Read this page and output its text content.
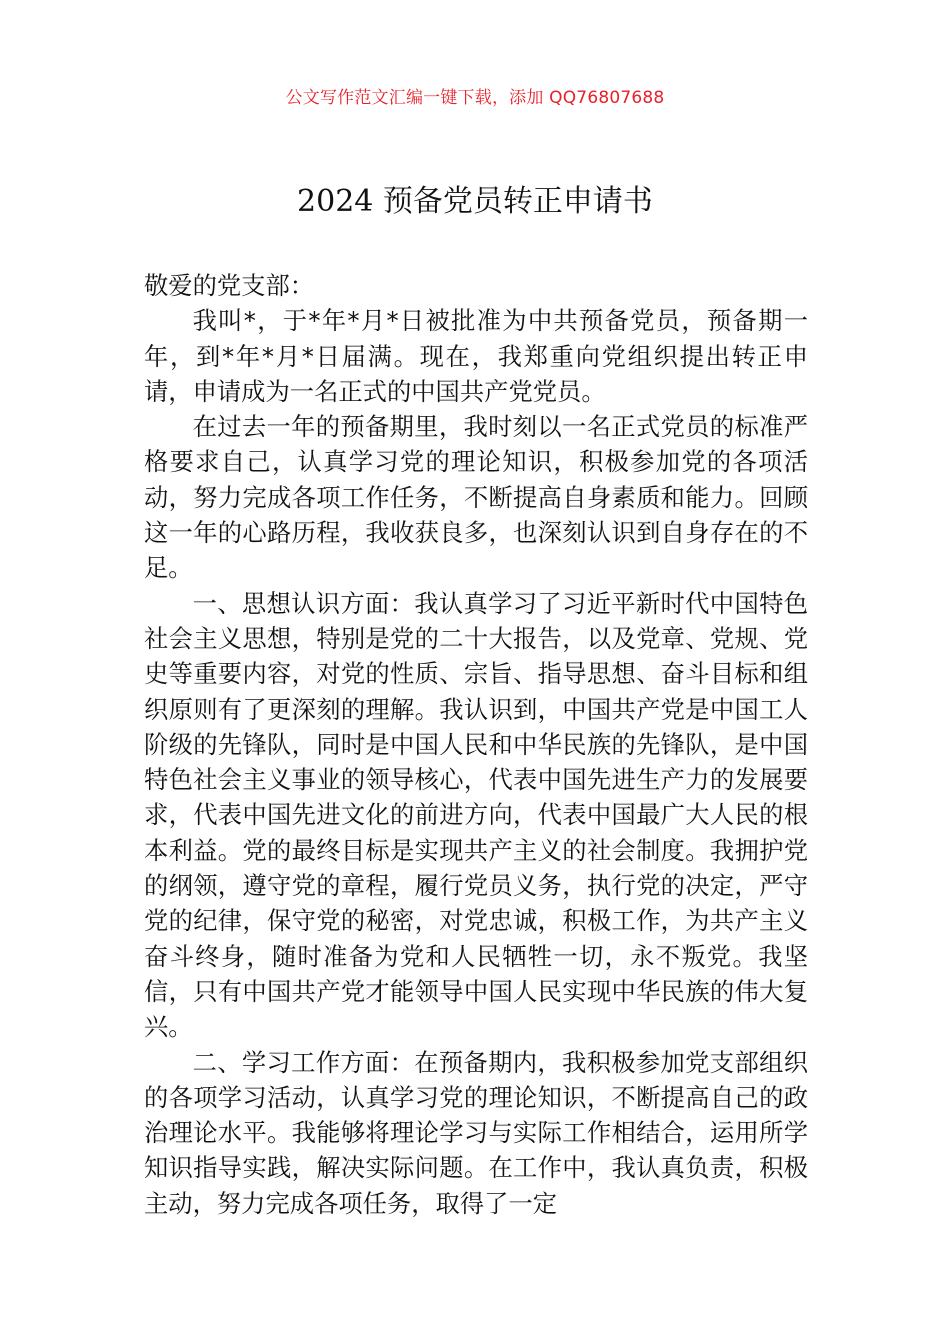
公文写作范文汇编一键下载，添加 QQ76807688
2024 预备党员转正申请书

敬爱的党支部：

我叫*，于*年*月*日被批准为中共预备党员，预备期一年，到*年*月*日届满。现在，我郑重向党组织提出转正申请，申请成为一名正式的中国共产党党员。

在过去一年的预备期里，我时刻以一名正式党员的标准严格要求自己，认真学习党的理论知识，积极参加党的各项活动，努力完成各项工作任务，不断提高自身素质和能力。回顾这一年的心路历程，我收获良多，也深刻认识到自身存在的不足。

一、思想认识方面：我认真学习了习近平新时代中国特色社会主义思想，特别是党的二十大报告，以及党章、党规、党史等重要内容，对党的性质、宗旨、指导思想、奋斗目标和组织原则有了更深刻的理解。我认识到，中国共产党是中国工人阶级的先锋队，同时是中国人民和中华民族的先锋队，是中国特色社会主义事业的领导核心，代表中国先进生产力的发展要求，代表中国先进文化的前进方向，代表中国最广大人民的根本利益。党的最终目标是实现共产主义的社会制度。我拥护党的纲领，遵守党的章程，履行党员义务，执行党的决定，严守党的纪律，保守党的秘密，对党忠诚，积极工作，为共产主义奋斗终身，随时准备为党和人民牺牲一切，永不叛党。我坚信，只有中国共产党才能领导中国人民实现中华民族的伟大复兴。

二、学习工作方面：在预备期内，我积极参加党支部组织的各项学习活动，认真学习党的理论知识，不断提高自己的政治理论水平。我能够将理论学习与实际工作相结合，运用所学知识指导实践，解决实际问题。在工作中，我认真负责，积极主动，努力完成各项任务，取得了一定
